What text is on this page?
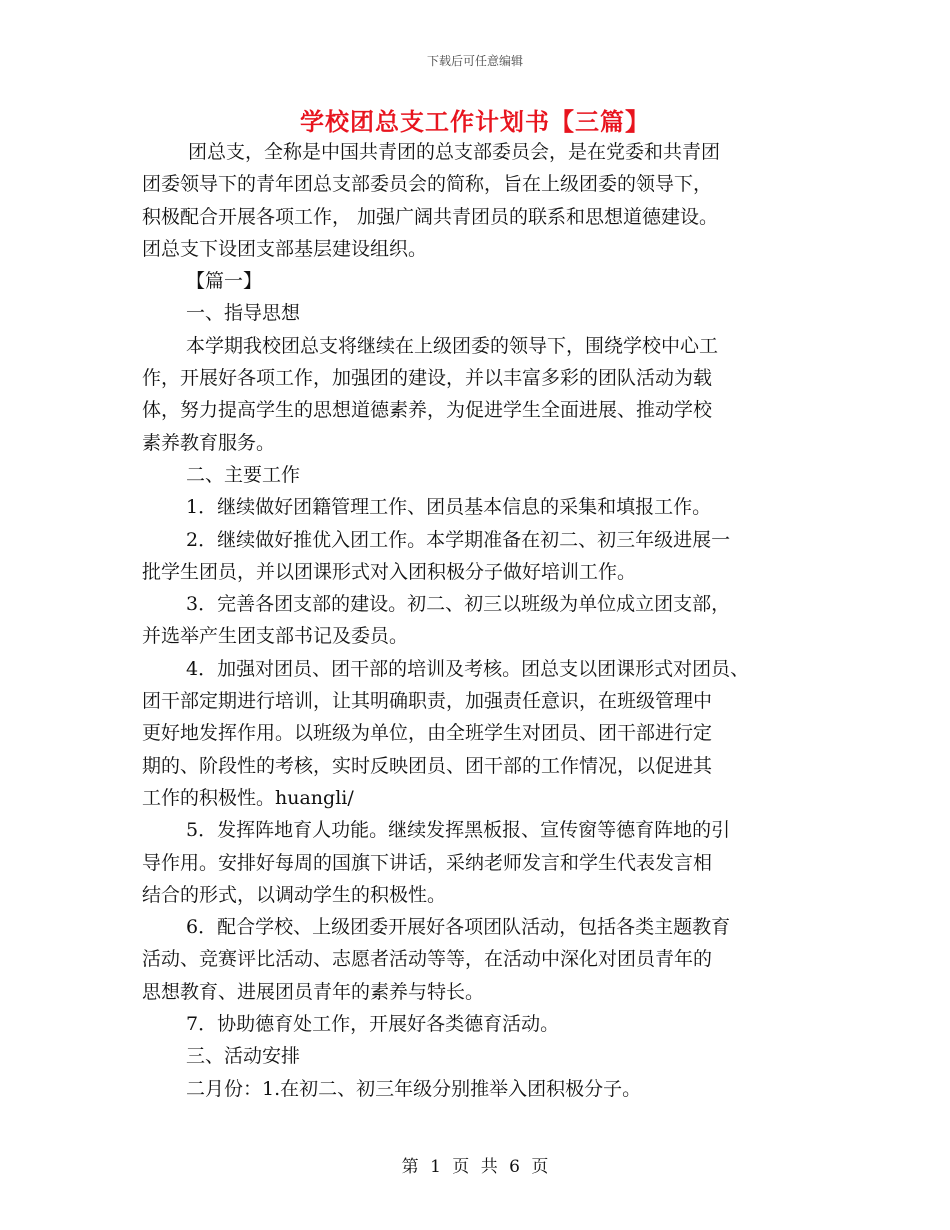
下载后可任意编辑
学校团总支工作计划书【三篇】
团总支，全称是中国共青团的总支部委员会，是在党委和共青团
团委领导下的青年团总支部委员会的简称，旨在上级团委的领导下，
积极配合开展各项工作， 加强广阔共青团员的联系和思想道德建设。
团总支下设团支部基层建设组织。
【篇一】
一、指导思想
本学期我校团总支将继续在上级团委的领导下，围绕学校中心工
作，开展好各项工作，加强团的建设，并以丰富多彩的团队活动为载
体，努力提高学生的思想道德素养，为促进学生全面进展、推动学校
素养教育服务。
二、主要工作
1．继续做好团籍管理工作、团员基本信息的采集和填报工作。
2．继续做好推优入团工作。本学期准备在初二、初三年级进展一
批学生团员，并以团课形式对入团积极分子做好培训工作。
3．完善各团支部的建设。初二、初三以班级为单位成立团支部，
并选举产生团支部书记及委员。
4．加强对团员、团干部的培训及考核。团总支以团课形式对团员、
团干部定期进行培训，让其明确职责，加强责任意识，在班级管理中
更好地发挥作用。以班级为单位，由全班学生对团员、团干部进行定
期的、阶段性的考核，实时反映团员、团干部的工作情况，以促进其
工作的积极性。huangli/
5．发挥阵地育人功能。继续发挥黑板报、宣传窗等德育阵地的引
导作用。安排好每周的国旗下讲话，采纳老师发言和学生代表发言相
结合的形式，以调动学生的积极性。
6．配合学校、上级团委开展好各项团队活动，包括各类主题教育
活动、竞赛评比活动、志愿者活动等等，在活动中深化对团员青年的
思想教育、进展团员青年的素养与特长。
7．协助德育处工作，开展好各类德育活动。
三、活动安排
二月份：1.在初二、初三年级分别推举入团积极分子。
第 1 页 共 6 页
